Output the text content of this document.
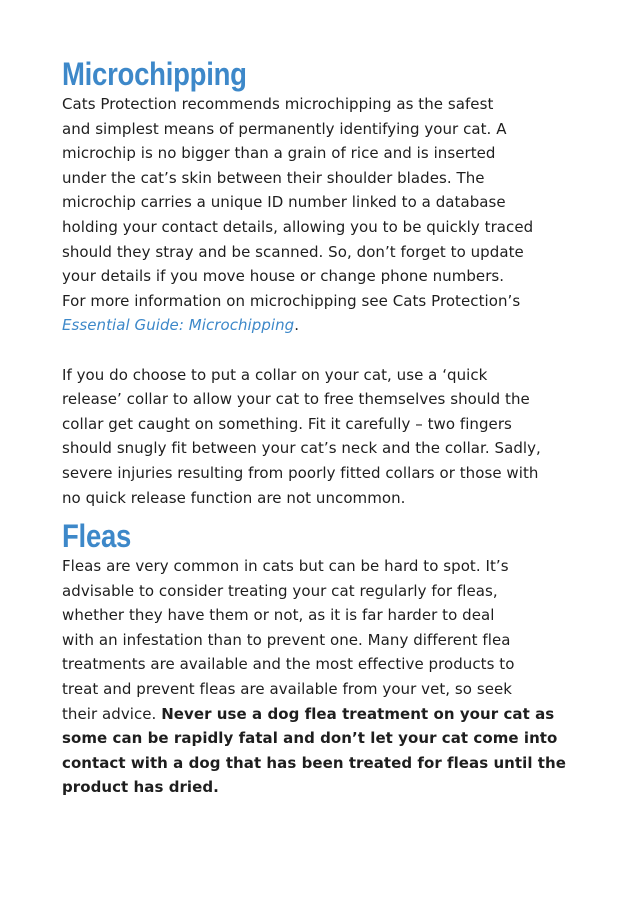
Microchipping
Cats Protection recommends microchipping as the safest
and simplest means of permanently identifying your cat. A
microchip is no bigger than a grain of rice and is inserted
under the cat’s skin between their shoulder blades. The
microchip carries a unique ID number linked to a database
holding your contact details, allowing you to be quickly traced
should they stray and be scanned. So, don’t forget to update
your details if you move house or change phone numbers.
For more information on microchipping see Cats Protection’s
Essential Guide: Microchipping.
If you do choose to put a collar on your cat, use a ‘quick
release’ collar to allow your cat to free themselves should the
collar get caught on something. Fit it carefully – two fingers
should snugly fit between your cat’s neck and the collar. Sadly,
severe injuries resulting from poorly fitted collars or those with
no quick release function are not uncommon.
Fleas
Fleas are very common in cats but can be hard to spot. It’s
advisable to consider treating your cat regularly for fleas,
whether they have them or not, as it is far harder to deal
with an infestation than to prevent one. Many different flea
treatments are available and the most effective products to
treat and prevent fleas are available from your vet, so seek
their advice. Never use a dog flea treatment on your cat as
some can be rapidly fatal and don’t let your cat come into
contact with a dog that has been treated for fleas until the
product has dried.
